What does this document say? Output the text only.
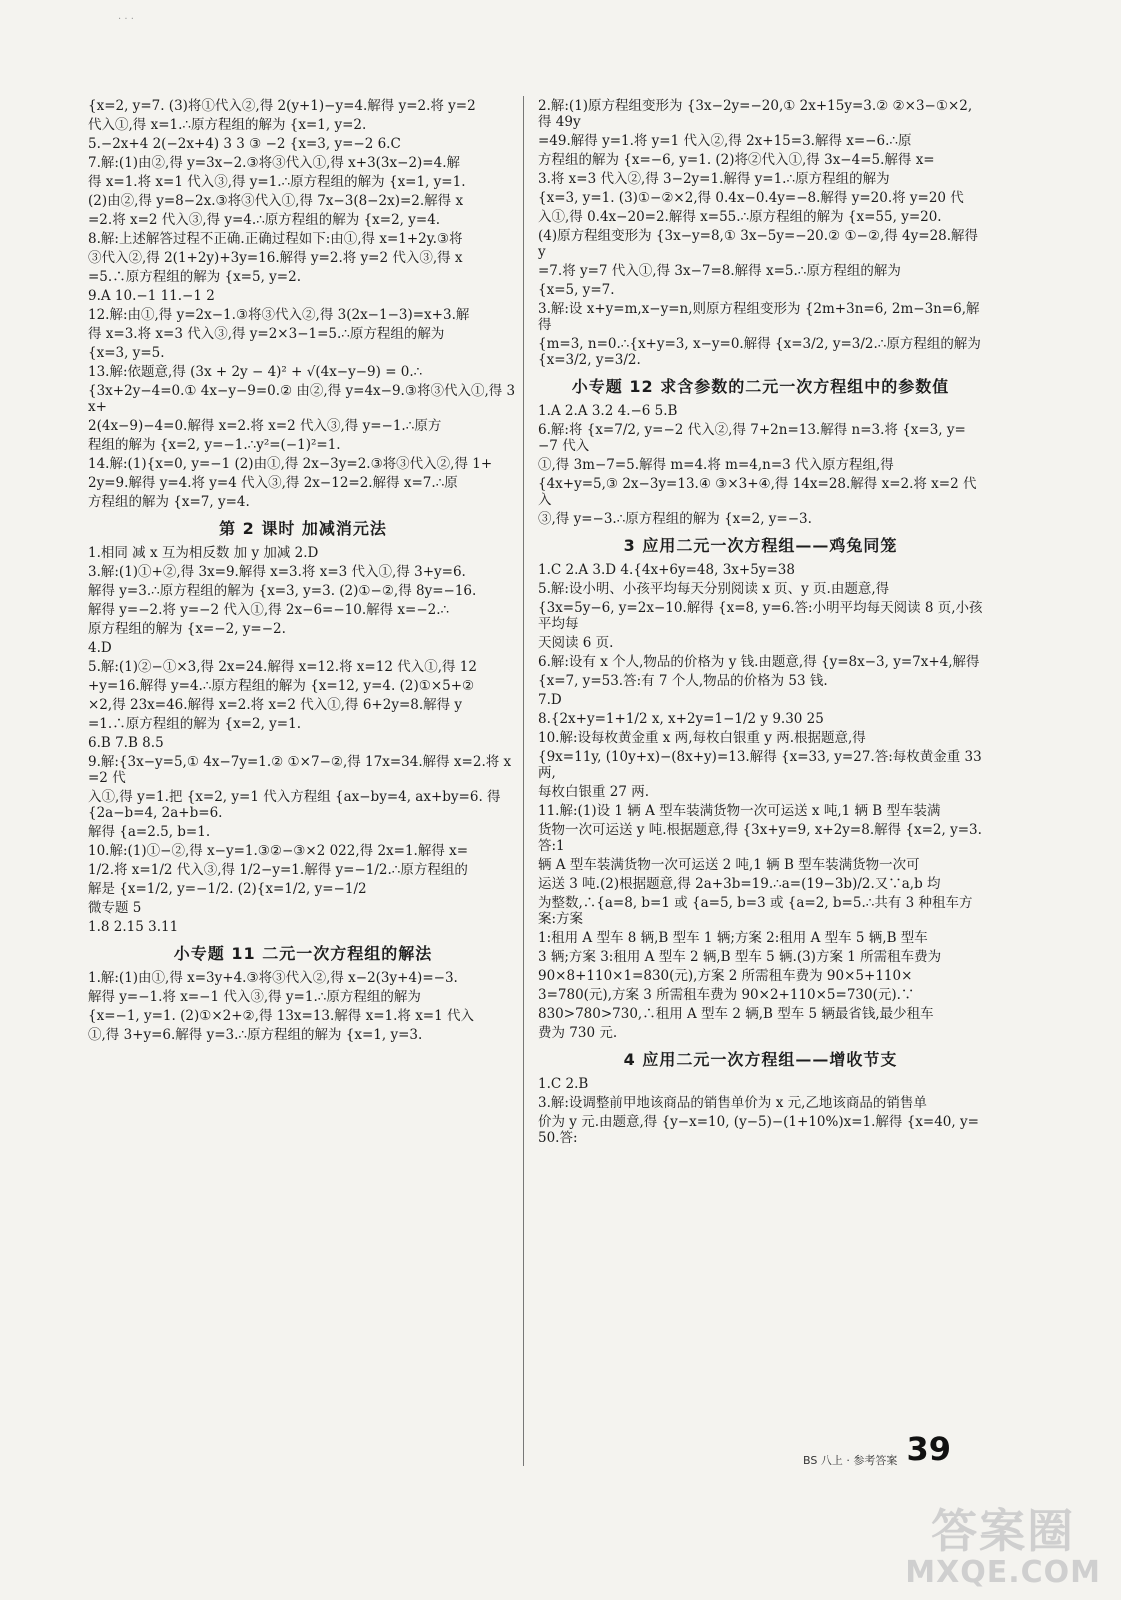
· · ·
{x=2, y=7. (3)将①代入②,得 2(y+1)−y=4.解得 y=2.将 y=2
代入①,得 x=1.∴原方程组的解为 {x=1, y=2.
5.−2x+4 2(−2x+4) 3 3 ③ −2 {x=3, y=−2 6.C
7.解:(1)由②,得 y=3x−2.③将③代入①,得 x+3(3x−2)=4.解
得 x=1.将 x=1 代入③,得 y=1.∴原方程组的解为 {x=1, y=1.
(2)由②,得 y=8−2x.③将③代入①,得 7x−3(8−2x)=2.解得 x
=2.将 x=2 代入③,得 y=4.∴原方程组的解为 {x=2, y=4.
8.解:上述解答过程不正确.正确过程如下:由①,得 x=1+2y.③将
③代入②,得 2(1+2y)+3y=16.解得 y=2.将 y=2 代入③,得 x
=5.∴原方程组的解为 {x=5, y=2.
9.A 10.−1 11.−1 2
12.解:由①,得 y=2x−1.③将③代入②,得 3(2x−1−3)=x+3.解
得 x=3.将 x=3 代入③,得 y=2×3−1=5.∴原方程组的解为
{x=3, y=5.
13.解:依题意,得 (3x + 2y − 4)² + √(4x−y−9) = 0.∴
{3x+2y−4=0.① 4x−y−9=0.② 由②,得 y=4x−9.③将③代入①,得 3x+
2(4x−9)−4=0.解得 x=2.将 x=2 代入③,得 y=−1.∴原方
程组的解为 {x=2, y=−1.∴y²=(−1)²=1.
14.解:(1){x=0, y=−1 (2)由①,得 2x−3y=2.③将③代入②,得 1+
2y=9.解得 y=4.将 y=4 代入③,得 2x−12=2.解得 x=7.∴原
方程组的解为 {x=7, y=4.
第 2 课时 加减消元法
1.相同 减 x 互为相反数 加 y 加减 2.D
3.解:(1)①+②,得 3x=9.解得 x=3.将 x=3 代入①,得 3+y=6.
解得 y=3.∴原方程组的解为 {x=3, y=3. (2)①−②,得 8y=−16.
解得 y=−2.将 y=−2 代入①,得 2x−6=−10.解得 x=−2.∴
原方程组的解为 {x=−2, y=−2.
4.D
5.解:(1)②−①×3,得 2x=24.解得 x=12.将 x=12 代入①,得 12
+y=16.解得 y=4.∴原方程组的解为 {x=12, y=4. (2)①×5+②
×2,得 23x=46.解得 x=2.将 x=2 代入①,得 6+2y=8.解得 y
=1.∴原方程组的解为 {x=2, y=1.
6.B 7.B 8.5
9.解:{3x−y=5,① 4x−7y=1.② ①×7−②,得 17x=34.解得 x=2.将 x=2 代
入①,得 y=1.把 {x=2, y=1 代入方程组 {ax−by=4, ax+by=6. 得 {2a−b=4, 2a+b=6.
解得 {a=2.5, b=1.
10.解:(1)①−②,得 x−y=1.③②−③×2 022,得 2x=1.解得 x=
1/2.将 x=1/2 代入③,得 1/2−y=1.解得 y=−1/2.∴原方程组的
解是 {x=1/2, y=−1/2. (2){x=1/2, y=−1/2
微专题 5
1.8 2.15 3.11
小专题 11 二元一次方程组的解法
1.解:(1)由①,得 x=3y+4.③将③代入②,得 x−2(3y+4)=−3.
解得 y=−1.将 x=−1 代入③,得 y=1.∴原方程组的解为
{x=−1, y=1. (2)①×2+②,得 13x=13.解得 x=1.将 x=1 代入
①,得 3+y=6.解得 y=3.∴原方程组的解为 {x=1, y=3.
2.解:(1)原方程组变形为 {3x−2y=−20,① 2x+15y=3.② ②×3−①×2,得 49y
=49.解得 y=1.将 y=1 代入②,得 2x+15=3.解得 x=−6.∴原
方程组的解为 {x=−6, y=1. (2)将②代入①,得 3x−4=5.解得 x=
3.将 x=3 代入②,得 3−2y=1.解得 y=1.∴原方程组的解为
{x=3, y=1. (3)①−②×2,得 0.4x−0.4y=−8.解得 y=20.将 y=20 代
入①,得 0.4x−20=2.解得 x=55.∴原方程组的解为 {x=55, y=20.
(4)原方程组变形为 {3x−y=8,① 3x−5y=−20.② ①−②,得 4y=28.解得 y
=7.将 y=7 代入①,得 3x−7=8.解得 x=5.∴原方程组的解为
{x=5, y=7.
3.解:设 x+y=m,x−y=n,则原方程组变形为 {2m+3n=6, 2m−3n=6,解得
{m=3, n=0.∴{x+y=3, x−y=0.解得 {x=3/2, y=3/2.∴原方程组的解为 {x=3/2, y=3/2.
小专题 12 求含参数的二元一次方程组中的参数值
1.A 2.A 3.2 4.−6 5.B
6.解:将 {x=7/2, y=−2 代入②,得 7+2n=13.解得 n=3.将 {x=3, y=−7 代入
①,得 3m−7=5.解得 m=4.将 m=4,n=3 代入原方程组,得
{4x+y=5,③ 2x−3y=13.④ ③×3+④,得 14x=28.解得 x=2.将 x=2 代入
③,得 y=−3.∴原方程组的解为 {x=2, y=−3.
3 应用二元一次方程组——鸡兔同笼
1.C 2.A 3.D 4.{4x+6y=48, 3x+5y=38
5.解:设小明、小孩平均每天分别阅读 x 页、y 页.由题意,得
{3x=5y−6, y=2x−10.解得 {x=8, y=6.答:小明平均每天阅读 8 页,小孩平均每
天阅读 6 页.
6.解:设有 x 个人,物品的价格为 y 钱.由题意,得 {y=8x−3, y=7x+4,解得
{x=7, y=53.答:有 7 个人,物品的价格为 53 钱.
7.D
8.{2x+y=1+1/2 x, x+2y=1−1/2 y 9.30 25
10.解:设每枚黄金重 x 两,每枚白银重 y 两.根据题意,得
{9x=11y, (10y+x)−(8x+y)=13.解得 {x=33, y=27.答:每枚黄金重 33 两,
每枚白银重 27 两.
11.解:(1)设 1 辆 A 型车装满货物一次可运送 x 吨,1 辆 B 型车装满
货物一次可运送 y 吨.根据题意,得 {3x+y=9, x+2y=8.解得 {x=2, y=3.答:1
辆 A 型车装满货物一次可运送 2 吨,1 辆 B 型车装满货物一次可
运送 3 吨.(2)根据题意,得 2a+3b=19.∴a=(19−3b)/2.又∵a,b 均
为整数,∴{a=8, b=1 或 {a=5, b=3 或 {a=2, b=5.∴共有 3 种租车方案:方案
1:租用 A 型车 8 辆,B 型车 1 辆;方案 2:租用 A 型车 5 辆,B 型车
3 辆;方案 3:租用 A 型车 2 辆,B 型车 5 辆.(3)方案 1 所需租车费为
90×8+110×1=830(元),方案 2 所需租车费为 90×5+110×
3=780(元),方案 3 所需租车费为 90×2+110×5=730(元).∵
830>780>730,∴租用 A 型车 2 辆,B 型车 5 辆最省钱,最少租车
费为 730 元.
4 应用二元一次方程组——增收节支
1.C 2.B
3.解:设调整前甲地该商品的销售单价为 x 元,乙地该商品的销售单
价为 y 元.由题意,得 {y−x=10, (y−5)−(1+10%)x=1.解得 {x=40, y=50.答:
BS 八上 · 参考答案 39
答案圈
MXQE.COM
